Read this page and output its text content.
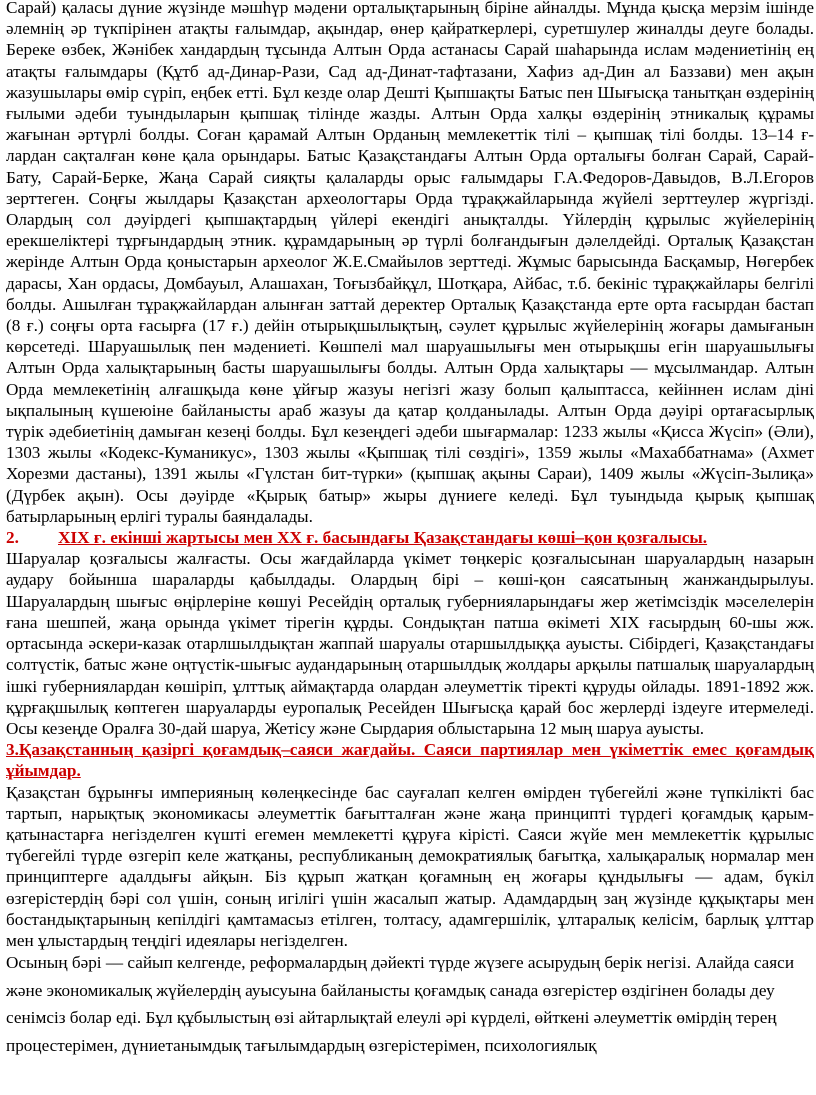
Сарай) қаласы дүние жүзінде мәшһүр мәдени орталықтарының біріне айналды. Мұнда қысқа мерзім ішінде әлемнің әр түкпірінен атақты ғалымдар, ақындар, өнер қайраткерлері, суретшулер жиналды деуге болады. Береке өзбек, Жәнібек хандардың тұсында Алтын Орда астанасы Сарай шаһарында ислам мәдениетінің ең атақты ғалымдары (Құтб ад-Динар-Рази, Сад ад-Динат-тафтазани, Хафиз ад-Дин ал Баззави) мен ақын жазушылары өмір сүріп, еңбек етті. Бұл кезде олар Дешті Қыпшақты Батыс пен Шығысқа танытқан өздерінің ғылыми әдеби туындыларын қыпшақ тілінде жазды. Алтын Орда халқы өздерінің этникалық құрамы жағынан әртүрлі болды. Соған қарамай Алтын Орданың мемлекеттік тілі – қыпшақ тілі болды. 13–14 ғ-лардан сақталған көне қала орындары. Батыс Қазақстандағы Алтын Орда орталығы болған Сарай, Сарай-Бату, Сарай-Берке, Жаңа Сарай сияқты қалаларды орыс ғалымдары Г.А.Федоров-Давыдов, В.Л.Егоров зерттеген. Соңғы жылдары Қазақстан археологтары Орда тұрақжайларында жүйелі зерттеулер жүргізді. Олардың сол дәуірдегі қыпшақтардың үйлері екендігі анықталды. Үйлердің құрылыс жүйелерінің ерекшеліктері тұрғындардың этник. құрамдарының әр түрлі болғандығын дәлелдейді. Орталық Қазақстан жерінде Алтын Орда қоныстарын археолог Ж.Е.Смайылов зерттеді. Жұмыс барысында Басқамыр, Нөгербек дарасы, Хан ордасы, Домбауыл, Алашахан, Тоғызбайқұл, Шотқара, Айбас, т.б. бекініс тұрақжайлары белгілі болды. Ашылған тұрақжайлардан алынған заттай деректер Орталық Қазақстанда ерте орта ғасырдан бастап (8 ғ.) соңғы орта ғасырға (17 ғ.) дейін отырықшылықтың, сәулет құрылыс жүйелерінің жоғары дамығанын көрсетеді. Шаруашылық пен мәдениеті. Көшпелі мал шаруашылығы мен отырықшы егін шаруашылығы Алтын Орда халықтарының басты шаруашылығы болды. Алтын Орда халықтары — мұсылмандар. Алтын Орда мемлекетінің алғашқыда көне ұйғыр жазуы негізгі жазу болып қалыптасса, кейіннен ислам діні ықпалының күшеюіне байланысты араб жазуы да қатар қолданылады. Алтын Орда дәуірі ортағасырлық түрік әдебиетінің дамыған кезеңі болды. Бұл кезеңдегі әдеби шығармалар: 1233 жылы «Қисса Жүсіп» (Әли), 1303 жылы «Кодекс-Куманикус», 1303 жылы «Қыпшақ тілі сөздігі», 1359 жылы «Махаббатнама» (Ахмет Хорезми дастаны), 1391 жылы «Гүлстан бит-түрки» (қыпшақ ақыны Сараи), 1409 жылы «Жүсіп-Зылиқа» (Дүрбек ақын). Осы дәуірде «Қырық батыр» жыры дүниеге келеді. Бұл туындыда қырық қыпшақ батырларының ерлігі туралы баяндалады.

2. XIX ғ. екінші жартысы мен XX ғ. басындағы Қазақстандағы көші–қон қозғалысы.

Шаруалар қозғалысы жалғасты. Осы жағдайларда үкімет төңкеріс қозғалысынан шаруалардың назарын аудару бойынша шараларды қабылдады. Олардың бірі – көші-қон саясатының жанжандырылуы. Шаруалардың шығыс өңірлеріне көшуі Ресейдің орталық губернияларындағы жер жетімсіздік мәселелерін ғана шешпей, жаңа орында үкімет тірегін құрды. Сондықтан патша өкіметі XIX ғасырдың 60-шы жж. ортасында әскери-казак отарлшылдықтан жаппай шаруалы отаршылдыққа ауысты. Сібірдегі, Қазақстандағы солтүстік, батыс және оңтүстік-шығыс аудандарының отаршылдық жолдары арқылы патшалық шаруалардың ішкі губерниялардан көшіріп, ұлттық аймақтарда олардан әлеуметтік тіректі құруды ойлады. 1891-1892 жж. құрғақшылық көптеген шаруаларды еуропалық Ресейден Шығысқа қарай бос жерлерді іздеуге итермеледі. Осы кезеңде Оралға 30-дай шаруа, Жетісу және Сырдария облыстарына 12 мың шаруа ауысты.

3.Қазақстанның қазіргі қоғамдық–саяси жағдайы. Саяси партиялар мен үкіметтік емес қоғамдық ұйымдар.

Қазақстан бұрынғы империяның көлеңкесінде бас сауғалап келген өмірден түбегейлі және түпкілікті бас тартып, нарықтық экономикасы әлеуметтік бағытталған және жаңа принципті түрдегі қоғамдық қарым-қатынастарға негізделген күшті егемен мемлекетті құруға кірісті. Саяси жүйе мен мемлекеттік құрылыс түбегейлі түрде өзгеріп келе жатқаны, республиканың демократиялық бағытқа, халықаралық нормалар мен принциптерге адалдығы айқын. Біз құрып жатқан қоғамның ең жоғары құндылығы — адам, бүкіл өзгерістердің бәрі сол үшін, соның игілігі үшін жасалып жатыр. Адамдардың заң жүзінде құқықтары мен бостандықтарының кепілдігі қамтамасыз етілген, толтасу, адамгершілік, ұлтаралық келісім, барлық ұлттар мен ұлыстардың теңдігі идеялары негізделген.

Осының бәрі — сайып келгенде, реформалардың дәйекті түрде жүзеге асырудың берік негізі. Алайда саяси және экономикалық жүйелердің ауысуына байланысты қоғамдық санада өзгерістер өздігінен болады деу сенімсіз болар еді. Бұл құбылыстың өзі айтарлықтай елеулі әрі күрделі, өйткені әлеуметтік өмірдің терең процестерімен, дүниетанымдық тағылымдардың өзгерістерімен, психологиялық
